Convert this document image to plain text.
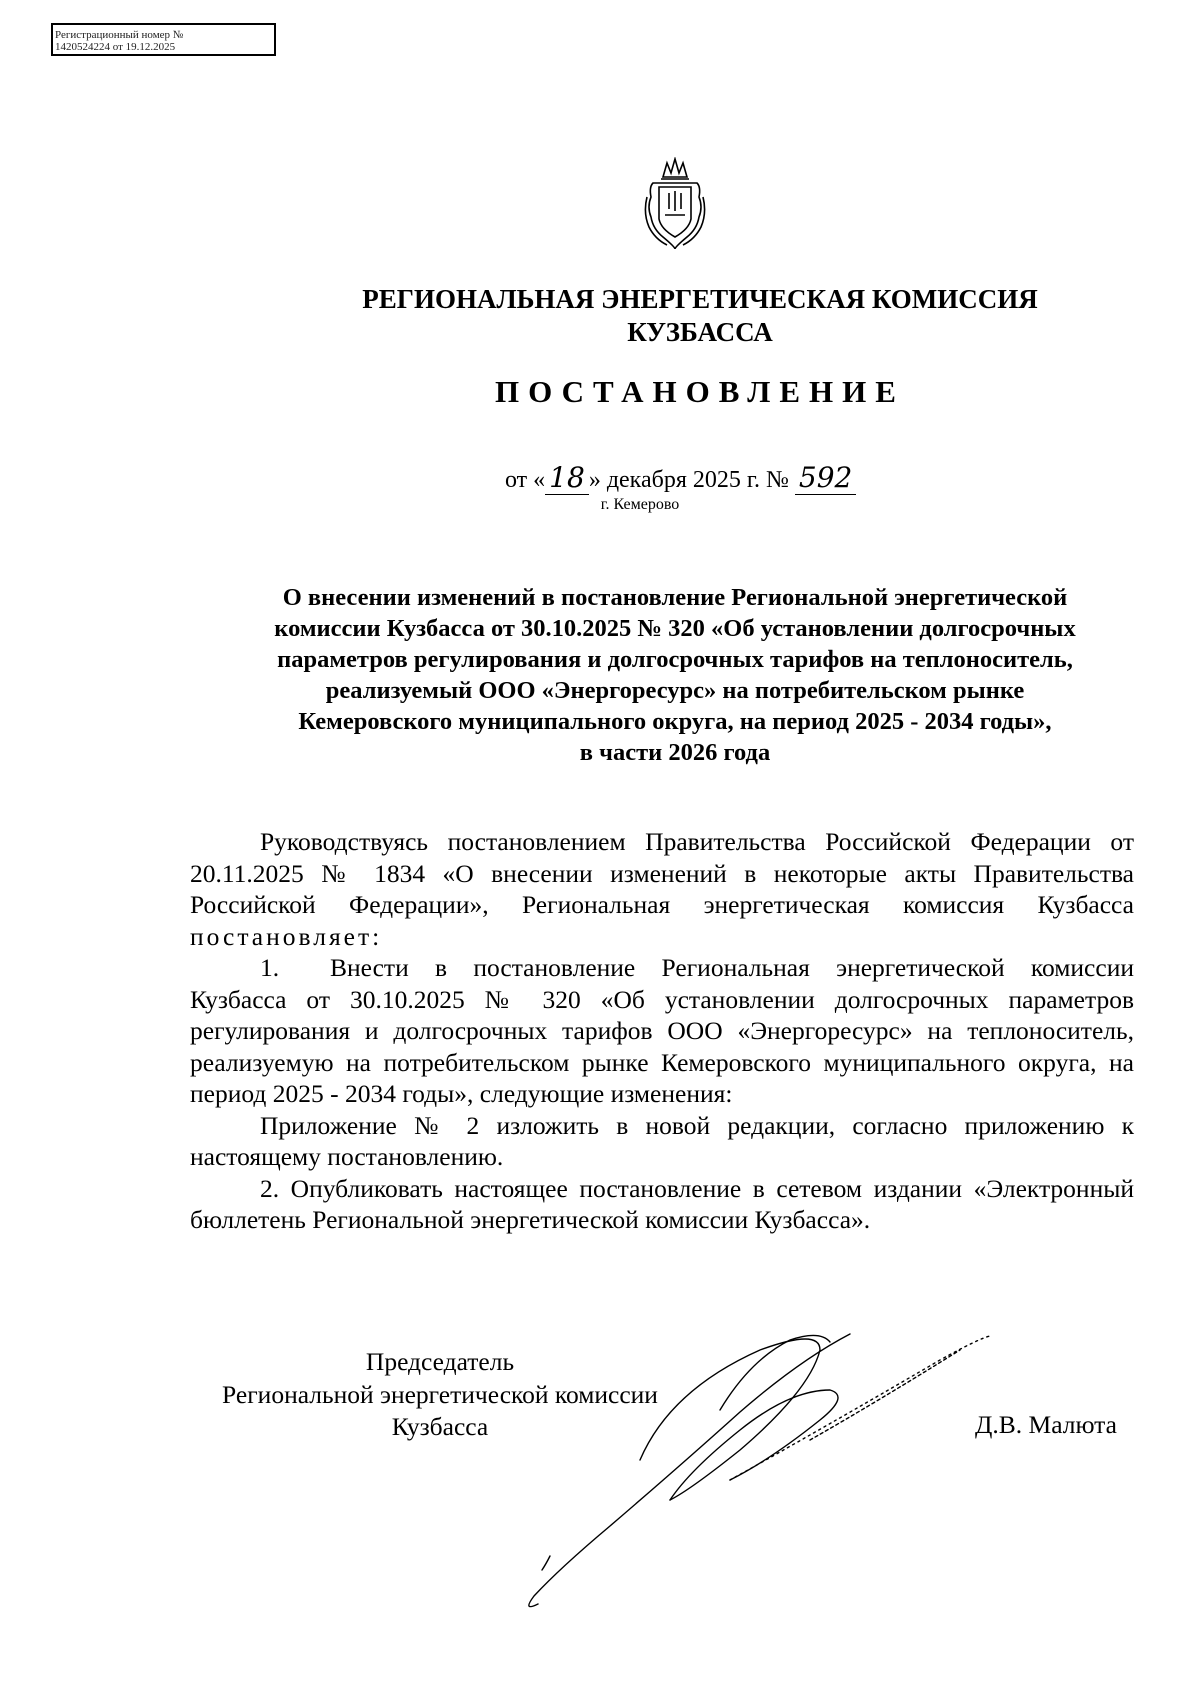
Регистрационный номер №
1420524224 от 19.12.2025
РЕГИОНАЛЬНАЯ ЭНЕРГЕТИЧЕСКАЯ КОМИССИЯ
КУЗБАССА
ПОСТАНОВЛЕНИЕ
от « 18 » декабря 2025 г. № 592
г. Кемерово
О внесении изменений в постановление Региональной энергетической
комиссии Кузбасса от 30.10.2025 № 320 «Об установлении долгосрочных
параметров регулирования и долгосрочных тарифов на теплоноситель,
реализуемый ООО «Энергоресурс» на потребительском рынке
Кемеровского муниципального округа, на период 2025 - 2034 годы»,
в части 2026 года

Руководствуясь постановлением Правительства Российской Федерации от 20.11.2025 № 1834 «О внесении изменений в некоторые акты Правительства Российской Федерации», Региональная энергетическая комиссия Кузбасса постановляет:

1. Внести в постановление Региональная энергетической комиссии Кузбасса от 30.10.2025 № 320 «Об установлении долгосрочных параметров регулирования и долгосрочных тарифов ООО «Энергоресурс» на теплоноситель, реализуемую на потребительском рынке Кемеровского муниципального округа, на период 2025 - 2034 годы», следующие изменения:

Приложение № 2 изложить в новой редакции, согласно приложению к настоящему постановлению.

2. Опубликовать настоящее постановление в сетевом издании «Электронный бюллетень Региональной энергетической комиссии Кузбасса».

Председатель
Региональной энергетической комиссии
Кузбасса	Д.В. Малюта
